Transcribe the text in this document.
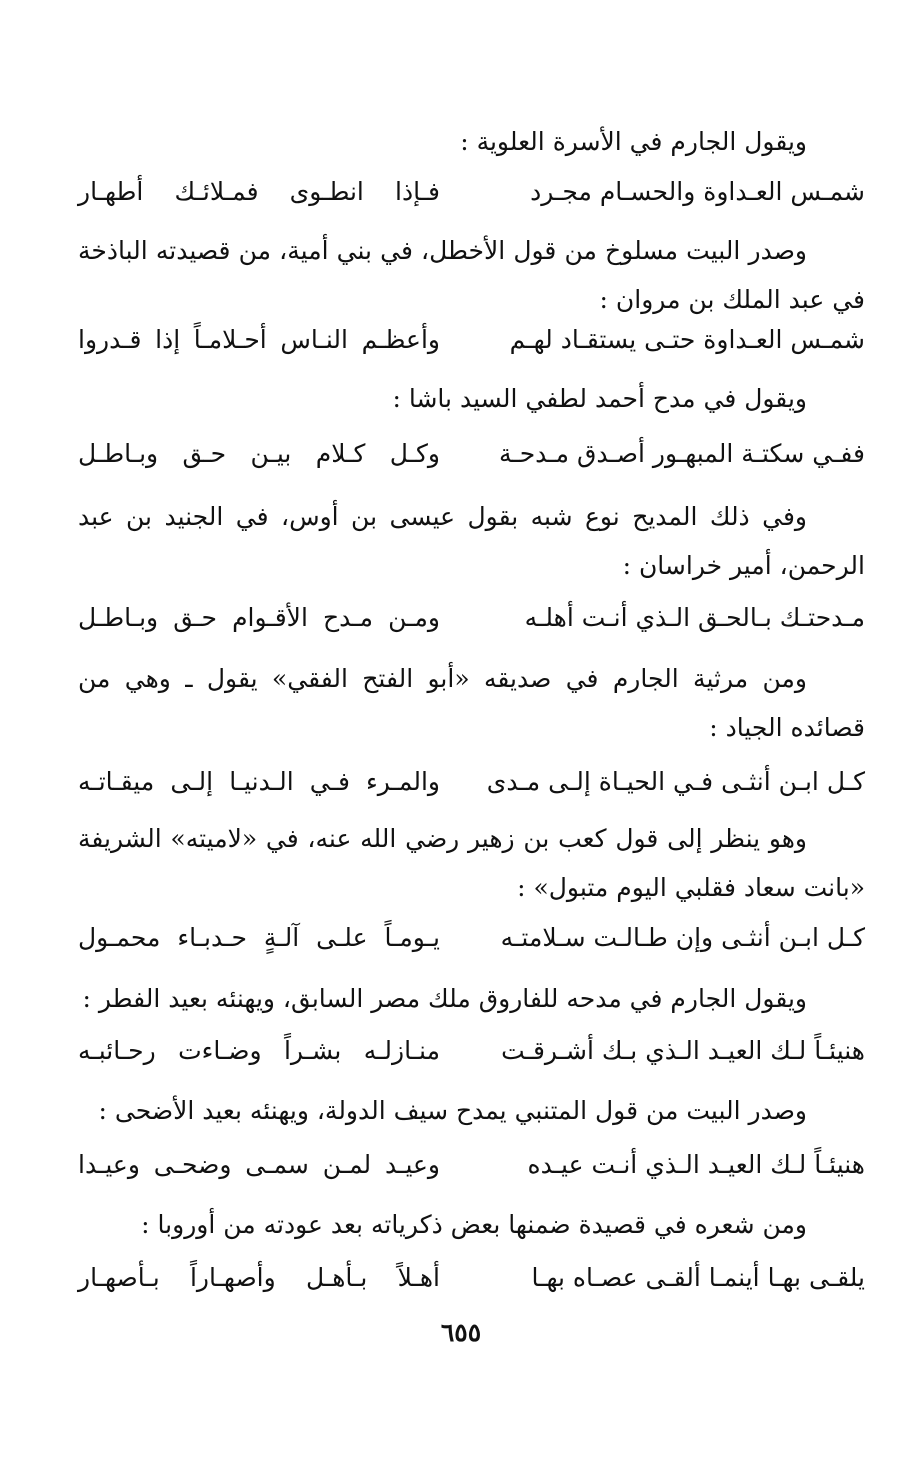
ويقول الجارم في الأسرة العلوية :
شمـس العـداوة والحسـام مجـرد
فـإذا انطـوى فمـلائـك أطهـار
وصدر البيت مسلوخ من قول الأخطل، في بني أمية، من قصيدته الباذخة في عبد الملك بن مروان :
شمـس العـداوة حتـى يستقـاد لهـم
وأعظـم النـاس أحـلامـاً إذا قـدروا
ويقول في مدح أحمد لطفي السيد باشا :
ففـي سكتـة المبهـور أصـدق مـدحـة
وكـل كـلام بيـن حـق وبـاطـل
وفي ذلك المديح نوع شبه بقول عيسى بن أوس، في الجنيد بن عبد الرحمن، أمير خراسان :
مـدحتـك بـالحـق الـذي أنـت أهلـه
ومـن مـدح الأقـوام حـق وبـاطـل
ومن مرثية الجارم في صديقه «أبو الفتح الفقي» يقول ـ وهي من قصائده الجياد :
كـل ابـن أنثـى فـي الحيـاة إلـى مـدى
والمـرء فـي الـدنيـا إلـى ميقـاتـه
وهو ينظر إلى قول كعب بن زهير رضي الله عنه، في «لاميته» الشريفة «بانت سعاد فقلبي اليوم متبول» :
كـل ابـن أنثـى وإن طـالـت سـلامتـه
يـومـاً علـى آلـةٍ حـدبـاء محمـول
ويقول الجارم في مدحه للفاروق ملك مصر السابق، ويهنئه بعيد الفطر :
هنيئـاً لـك العيـد الـذي بـك أشـرقـت
منـازلـه بشـراً وضـاءت رحـائبـه
وصدر البيت من قول المتنبي يمدح سيف الدولة، ويهنئه بعيد الأضحى :
هنيئـاً لـك العيـد الـذي أنـت عيـده
وعيـد لمـن سمـى وضحـى وعيـدا
ومن شعره في قصيدة ضمنها بعض ذكرياته بعد عودته من أوروبا :
يلقـى بهـا أينمـا ألقـى عصـاه بهـا
أهـلاً بـأهـل وأصهـاراً بـأصهـار
٦٥٥
